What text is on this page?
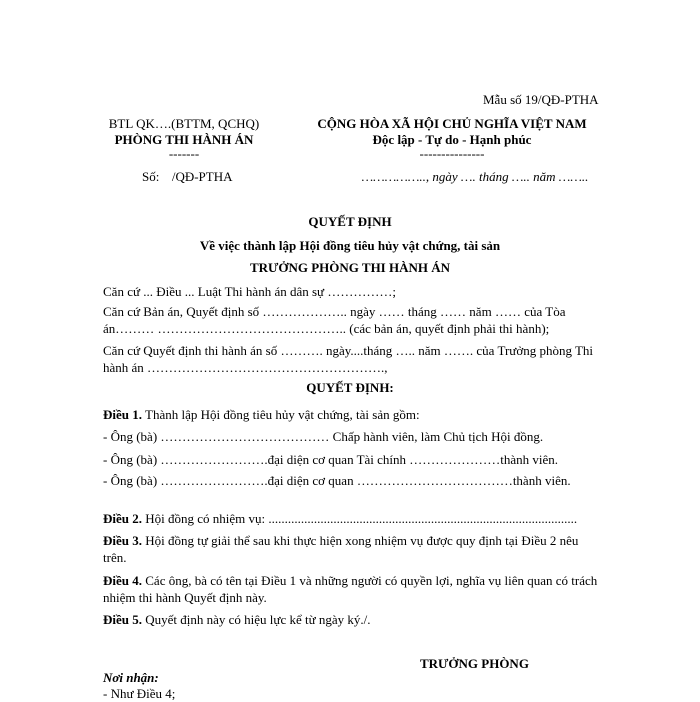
Mẫu số 19/QĐ-PTHA
BTL QK….(BTTM, QCHQ)
PHÒNG THI HÀNH ÁN
-------
Số: /QĐ-PTHA
CỘNG HÒA XÃ HỘI CHỦ NGHĨA VIỆT NAM
Độc lập - Tự do - Hạnh phúc
---------------
…………….., ngày …. tháng ….. năm ……..
QUYẾT ĐỊNH
Về việc thành lập Hội đồng tiêu hủy vật chứng, tài sản
TRƯỞNG PHÒNG THI HÀNH ÁN
Căn cứ ... Điều ... Luật Thi hành án dân sự ……………;
Căn cứ Bản án, Quyết định số ……………….. ngày …… tháng …… năm …… của Tòa án……… …………………………………….. (các bản án, quyết định phải thi hành);
Căn cứ Quyết định thi hành án số ………. ngày....tháng ….. năm ……. của Trưởng phòng Thi hành án ……………………………………………….,
QUYẾT ĐỊNH:
Điều 1. Thành lập Hội đồng tiêu hủy vật chứng, tài sản gồm:
- Ông (bà) ………………………………… Chấp hành viên, làm Chủ tịch Hội đồng.
- Ông (bà) …………………….đại diện cơ quan Tài chính …………………thành viên.
- Ông (bà) …………………….đại diện cơ quan ………………………………thành viên.
Điều 2. Hội đồng có nhiệm vụ: ...............................................................................................
Điều 3. Hội đồng tự giải thể sau khi thực hiện xong nhiệm vụ được quy định tại Điều 2 nêu trên.
Điều 4. Các ông, bà có tên tại Điều 1 và những người có quyền lợi, nghĩa vụ liên quan có trách nhiệm thi hành Quyết định này.
Điều 5. Quyết định này có hiệu lực kể từ ngày ký./.
TRƯỞNG PHÒNG
Nơi nhận:
- Như Điều 4;
